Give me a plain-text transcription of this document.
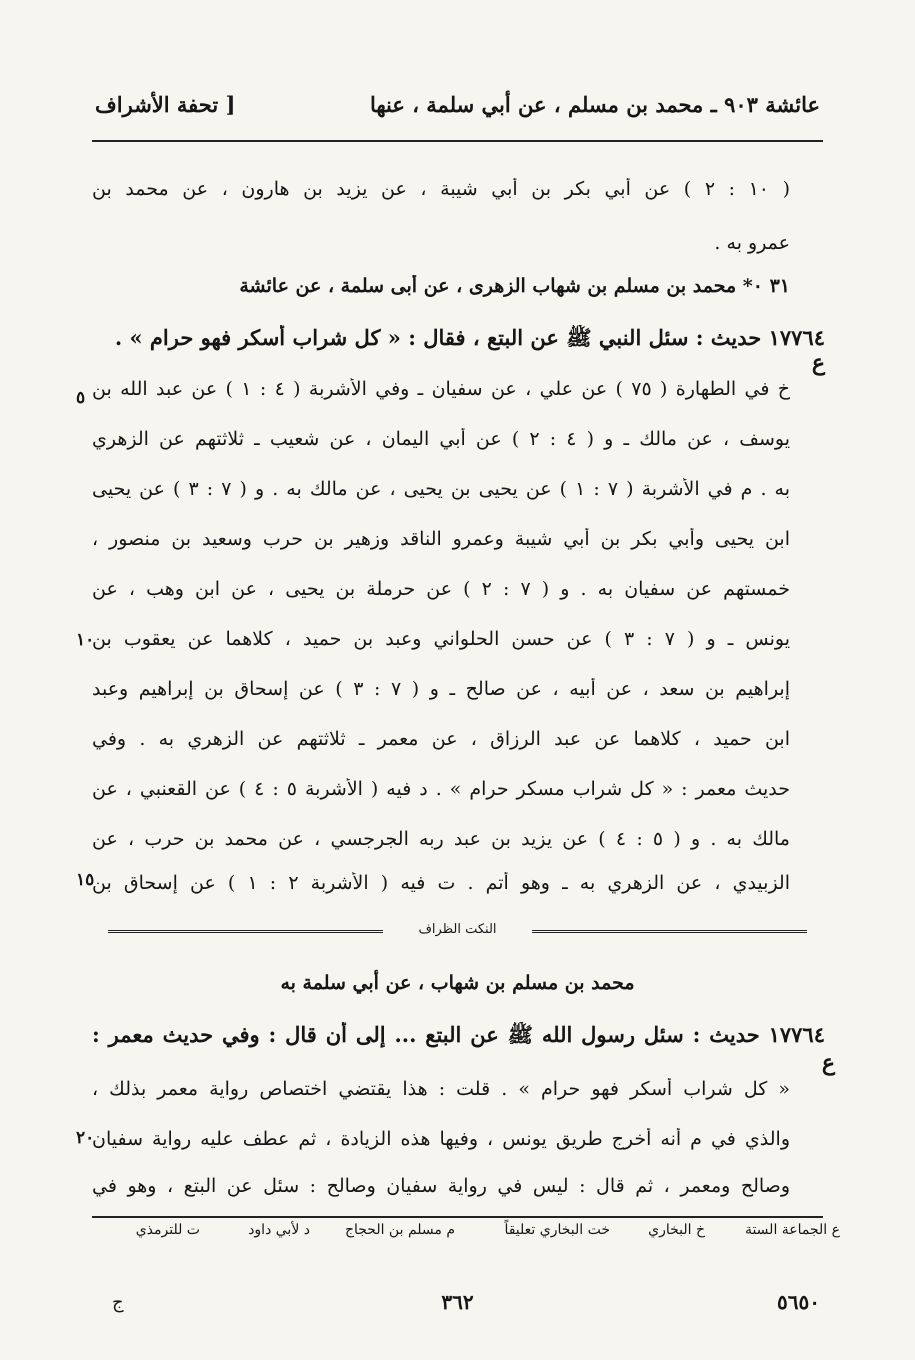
عائشة ٩٠٣ ـ محمد بن مسلم ، عن أبي سلمة ، عنها
[ تحفة الأشراف
( ١٠ : ٢ ) عن أبي بكر بن أبي شيبة ، عن يزيد بن هارون ، عن محمد بن
عمرو به .
٣١ ٠* محمد بن مسلم بن شهاب الزهرى ، عن أبى سلمة ، عن عائشة
١٧٧٦٤ حديث : سئل النبي ﷺ عن البتع ، فقال : « كل شراب أسكر فهو حرام » .
خ في الطهارة ( ٧٥ ) عن علي ، عن سفيان ـ وفي الأشربة ( ٤ : ١ ) عن عبد الله بن
يوسف ، عن مالك ـ و ( ٤ : ٢ ) عن أبي اليمان ، عن شعيب ـ ثلاثتهم عن الزهري
به . م في الأشربة ( ٧ : ١ ) عن يحيى بن يحيى ، عن مالك به . و ( ٧ : ٣ ) عن يحيى
ابن يحيى وأبي بكر بن أبي شيبة وعمرو الناقد وزهير بن حرب وسعيد بن منصور ،
خمستهم عن سفيان به . و ( ٧ : ٢ ) عن حرملة بن يحيى ، عن ابن وهب ، عن
يونس ـ و ( ٧ : ٣ ) عن حسن الحلواني وعبد بن حميد ، كلاهما عن يعقوب بن
إبراهيم بن سعد ، عن أبيه ، عن صالح ـ و ( ٧ : ٣ ) عن إسحاق بن إبراهيم وعبد
ابن حميد ، كلاهما عن عبد الرزاق ، عن معمر ـ ثلاثتهم عن الزهري به . وفي
حديث معمر : « كل شراب مسكر حرام » . د فيه ( الأشربة ٥ : ٤ ) عن القعنبي ، عن
مالك به . و ( ٥ : ٤ ) عن يزيد بن عبد ربه الجرجسي ، عن محمد بن حرب ، عن
الزبيدي ، عن الزهري به ـ وهو أتم . ت فيه ( الأشربة ٢ : ١ ) عن إسحاق بن
٥
١٠
١٥
٢٠
ع
ع
النكت الظراف
محمد بن مسلم بن شهاب ، عن أبي سلمة به
١٧٧٦٤ حديث : سئل رسول الله ﷺ عن البتع ... إلى أن قال : وفي حديث معمر :
« كل شراب أسكر فهو حرام » . قلت : هذا يقتضي اختصاص رواية معمر بذلك ،
والذي في م أنه أخرج طريق يونس ، وفيها هذه الزيادة ، ثم عطف عليه رواية سفيان
وصالح ومعمر ، ثم قال : ليس في رواية سفيان وصالح : سئل عن البتع ، وهو في
ع الجماعة الستة
خ البخاري
خت البخاري تعليقاً
م مسلم بن الحجاج
د لأبي داود
ت للترمذي
٣٦٢	٥٦٥٠
ج
